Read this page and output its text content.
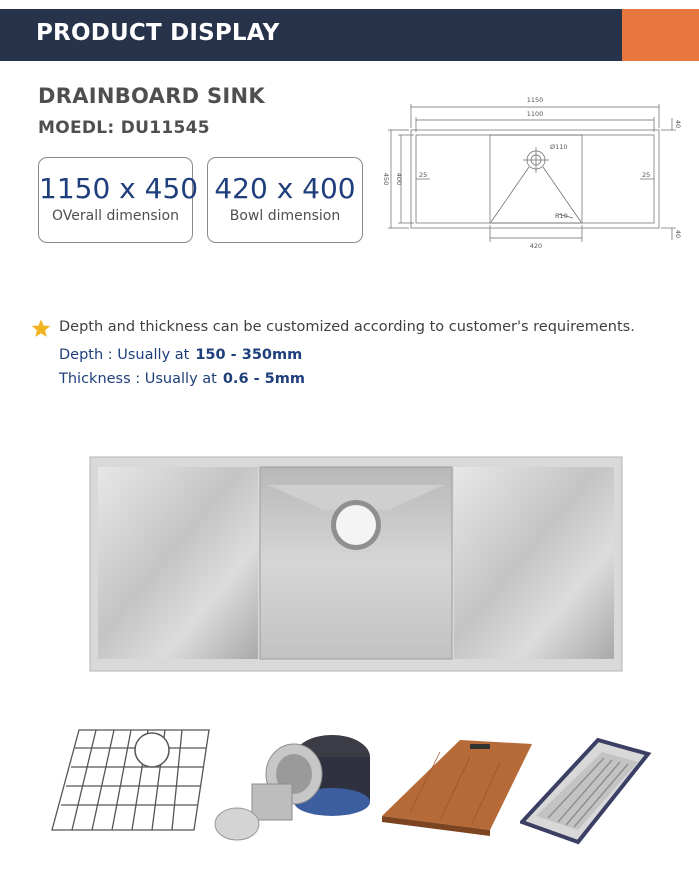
PRODUCT DISPLAY
DRAINBOARD SINK
MOEDL: DU11545
1150 x 450
OVerall dimension
420 x 400
Bowl dimension
1150
1100
450 400
Ø110
R10
25	25
40
40
420
Depth and thickness can be customized according to customer's requirements.
Depth : Usually at 150 - 350mm
Thickness : Usually at 0.6 - 5mm
